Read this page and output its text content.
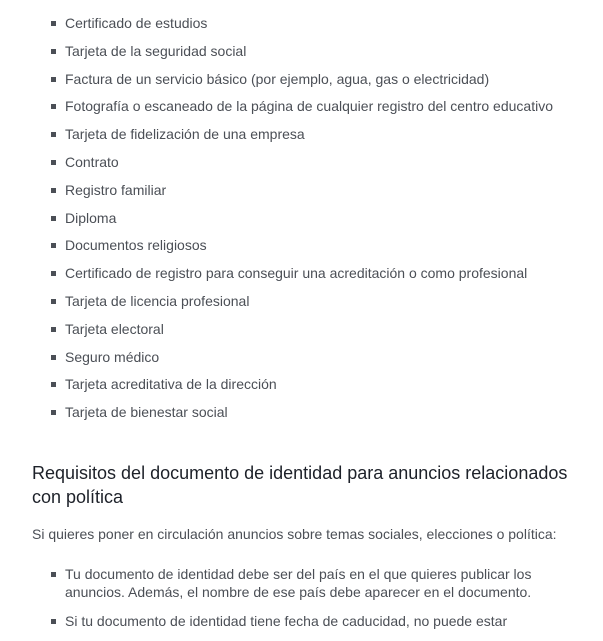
Certificado de estudios
Tarjeta de la seguridad social
Factura de un servicio básico (por ejemplo, agua, gas o electricidad)
Fotografía o escaneado de la página de cualquier registro del centro educativo
Tarjeta de fidelización de una empresa
Contrato
Registro familiar
Diploma
Documentos religiosos
Certificado de registro para conseguir una acreditación o como profesional
Tarjeta de licencia profesional
Tarjeta electoral
Seguro médico
Tarjeta acreditativa de la dirección
Tarjeta de bienestar social
Requisitos del documento de identidad para anuncios relacionados con política

Si quieres poner en circulación anuncios sobre temas sociales, elecciones o política:

Tu documento de identidad debe ser del país en el que quieres publicar los anuncios. Además, el nombre de ese país debe aparecer en el documento.
Si tu documento de identidad tiene fecha de caducidad, no puede estar
